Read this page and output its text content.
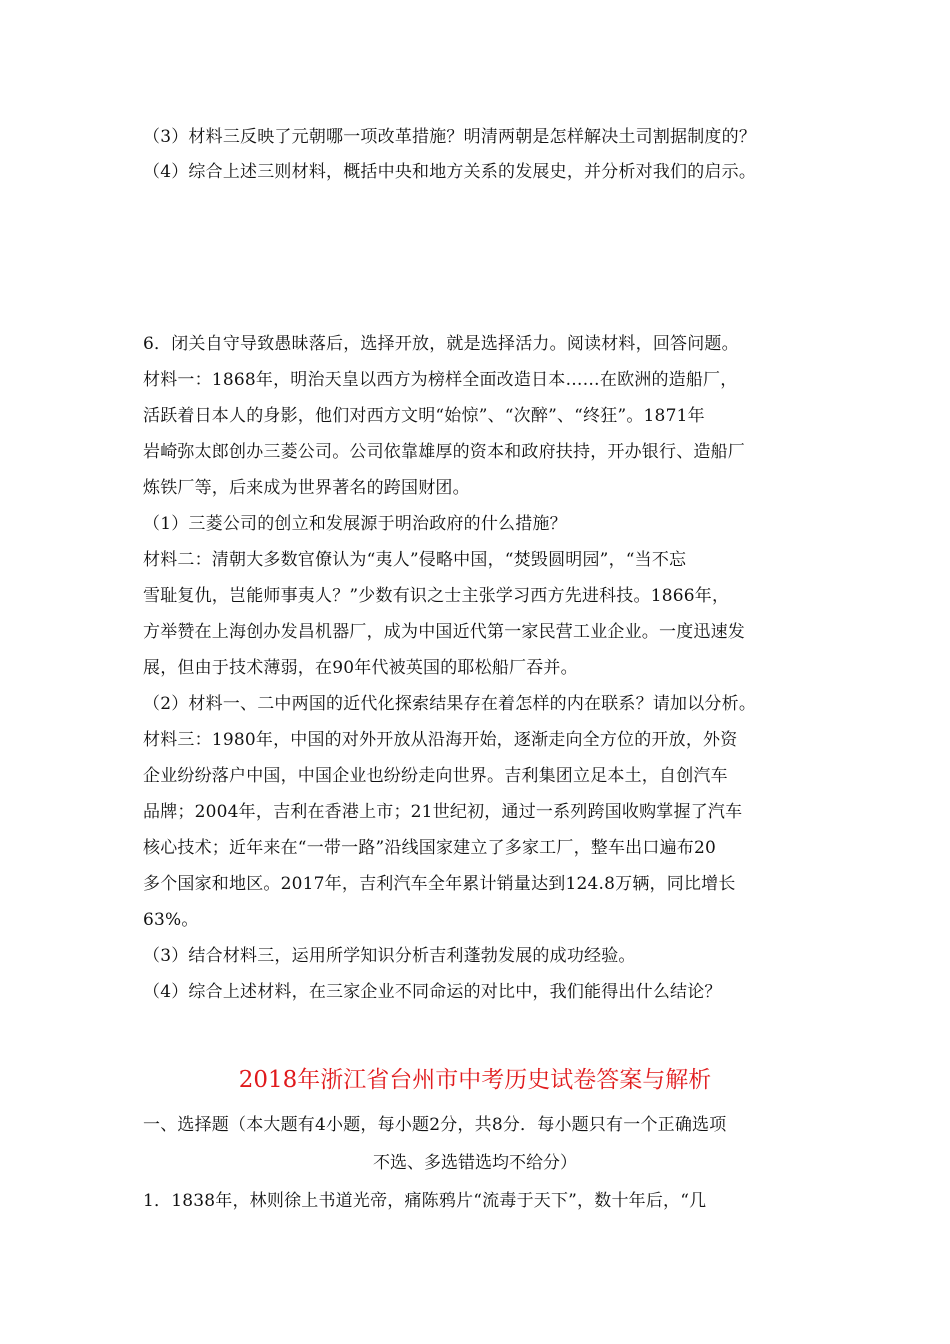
（3）材料三反映了元朝哪一项改革措施？明清两朝是怎样解决土司割据制度的？
（4）综合上述三则材料，概括中央和地方关系的发展史，并分析对我们的启示。
6．闭关自守导致愚昧落后，选择开放，就是选择活力。阅读材料，回答问题。
材料一：1868年，明治天皇以西方为榜样全面改造日本……在欧洲的造船厂，
活跃着日本人的身影，他们对西方文明“始惊”、“次醉”、“终狂”。1871年
岩崎弥太郎创办三菱公司。公司依靠雄厚的资本和政府扶持，开办银行、造船厂
炼铁厂等，后来成为世界著名的跨国财团。
（1）三菱公司的创立和发展源于明治政府的什么措施？
材料二：清朝大多数官僚认为“夷人”侵略中国，“焚毁圆明园”，“当不忘
雪耻复仇，岂能师事夷人？”少数有识之士主张学习西方先进科技。1866年，
方举赞在上海创办发昌机器厂，成为中国近代第一家民营工业企业。一度迅速发
展，但由于技术薄弱，在90年代被英国的耶松船厂吞并。
（2）材料一、二中两国的近代化探索结果存在着怎样的内在联系？请加以分析。
材料三：1980年，中国的对外开放从沿海开始，逐渐走向全方位的开放，外资
企业纷纷落户中国，中国企业也纷纷走向世界。吉利集团立足本土，自创汽车
品牌；2004年，吉利在香港上市；21世纪初，通过一系列跨国收购掌握了汽车
核心技术；近年来在“一带一路”沿线国家建立了多家工厂，整车出口遍布20
多个国家和地区。2017年，吉利汽车全年累计销量达到124.8万辆，同比增长
63%。
（3）结合材料三，运用所学知识分析吉利蓬勃发展的成功经验。
（4）综合上述材料，在三家企业不同命运的对比中，我们能得出什么结论？
2018年浙江省台州市中考历史试卷答案与解析
一、选择题（本大题有4小题，每小题2分，共8分．每小题只有一个正确选项
不选、多选错选均不给分）
1．1838年，林则徐上书道光帝，痛陈鸦片“流毒于天下”，数十年后，“几
